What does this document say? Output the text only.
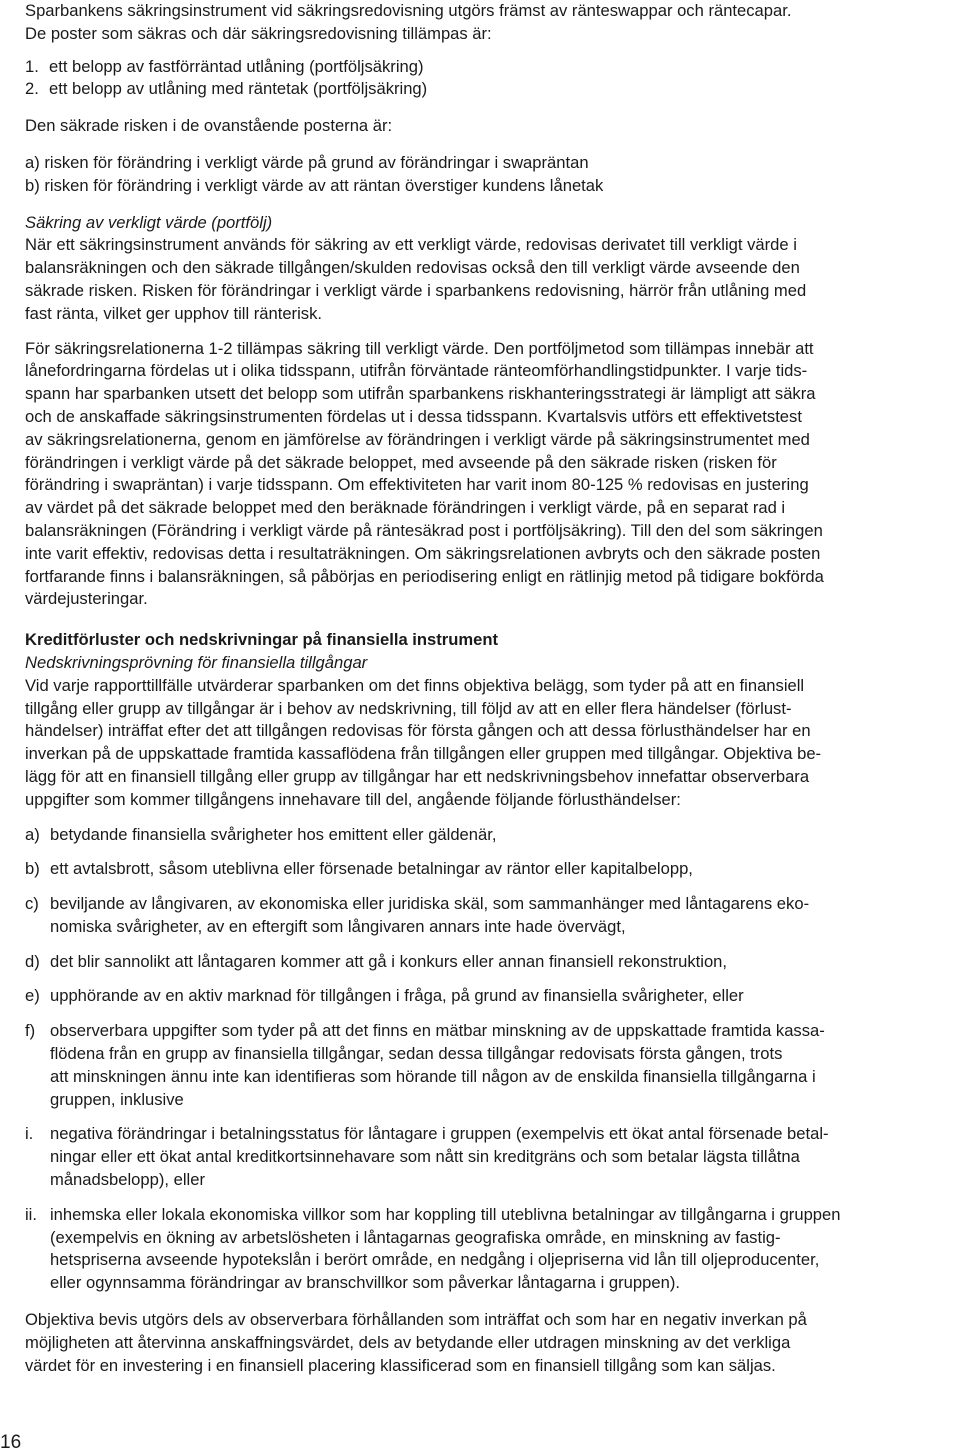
Sparbankens säkringsinstrument vid säkringsredovisning utgörs främst av ränteswappar och räntecapar.

De poster som säkras och där säkringsredovisning tillämpas är:

1. ett belopp av fastförräntad utlåning (portföljsäkring)
2. ett belopp av utlåning med räntetak (portföljsäkring)

Den säkrade risken i de ovanstående posterna är:

a) risken för förändring i verkligt värde på grund av förändringar i swapräntan

b) risken för förändring i verkligt värde av att räntan överstiger kundens lånetak

Säkring av verkligt värde (portfölj)

När ett säkringsinstrument används för säkring av ett verkligt värde, redovisas derivatet till verkligt värde i

balansräkningen och den säkrade tillgången/skulden redovisas också den till verkligt värde avseende den

säkrade risken. Risken för förändringar i verkligt värde i sparbankens redovisning, härrör från utlåning med

fast ränta, vilket ger upphov till ränterisk.

För säkringsrelationerna 1-2 tillämpas säkring till verkligt värde. Den portföljmetod som tillämpas innebär att

lånefordringarna fördelas ut i olika tidsspann, utifrån förväntade ränteomförhandlingstidpunkter. I varje tids-

spann har sparbanken utsett det belopp som utifrån sparbankens riskhanteringsstrategi är lämpligt att säkra

och de anskaffade säkringsinstrumenten fördelas ut i dessa tidsspann. Kvartalsvis utförs ett effektivetstest

av säkringsrelationerna, genom en jämförelse av förändringen i verkligt värde på säkringsinstrumentet med

förändringen i verkligt värde på det säkrade beloppet, med avseende på den säkrade risken (risken för

förändring i swapräntan) i varje tidsspann. Om effektiviteten har varit inom 80-125 % redovisas en justering

av värdet på det säkrade beloppet med den beräknade förändringen i verkligt värde, på en separat rad i

balansräkningen (Förändring i verkligt värde på räntesäkrad post i portföljsäkring). Till den del som säkringen

inte varit effektiv, redovisas detta i resultaträkningen. Om säkringsrelationen avbryts och den säkrade posten

fortfarande finns i balansräkningen, så påbörjas en periodisering enligt en rätlinjig metod på tidigare bokförda

värdejusteringar.

Kreditförluster och nedskrivningar på finansiella instrument

Nedskrivningsprövning för finansiella tillgångar

Vid varje rapporttillfälle utvärderar sparbanken om det finns objektiva belägg, som tyder på att en finansiell

tillgång eller grupp av tillgångar är i behov av nedskrivning, till följd av att en eller flera händelser (förlust-

händelser) inträffat efter det att tillgången redovisas för första gången och att dessa förlusthändelser har en

inverkan på de uppskattade framtida kassaflödena från tillgången eller gruppen med tillgångar. Objektiva be-

lägg för att en finansiell tillgång eller grupp av tillgångar har ett nedskrivningsbehov innefattar observerbara

uppgifter som kommer tillgångens innehavare till del, angående följande förlusthändelser:

a) betydande finansiella svårigheter hos emittent eller gäldenär,

b) ett avtalsbrott, såsom uteblivna eller försenade betalningar av räntor eller kapitalbelopp,

c) beviljande av långivaren, av ekonomiska eller juridiska skäl, som sammanhänger med låntagarens eko-

nomiska svårigheter, av en eftergift som långivaren annars inte hade övervägt,

d) det blir sannolikt att låntagaren kommer att gå i konkurs eller annan finansiell rekonstruktion,

e) upphörande av en aktiv marknad för tillgången i fråga, på grund av finansiella svårigheter, eller

f) observerbara uppgifter som tyder på att det finns en mätbar minskning av de uppskattade framtida kassa-

flödena från en grupp av finansiella tillgångar, sedan dessa tillgångar redovisats första gången, trots

att minskningen ännu inte kan identifieras som hörande till någon av de enskilda finansiella tillgångarna i

gruppen, inklusive

i.	negativa förändringar i betalningsstatus för låntagare i gruppen (exempelvis ett ökat antal försenade betal-

ningar eller ett ökat antal kreditkortsinnehavare som nått sin kreditgräns och som betalar lägsta tillåtna

månadsbelopp), eller

ii. inhemska eller lokala ekonomiska villkor som har koppling till uteblivna betalningar av tillgångarna i gruppen

(exempelvis en ökning av arbetslösheten i låntagarnas geografiska område, en minskning av fastig-

hetspriserna avseende hypotekslån i berört område, en nedgång i oljepriserna vid lån till oljeproducenter,

eller ogynnsamma förändringar av branschvillkor som påverkar låntagarna i gruppen).

Objektiva bevis utgörs dels av observerbara förhållanden som inträffat och som har en negativ inverkan på

möjligheten att återvinna anskaffningsvärdet, dels av betydande eller utdragen minskning av det verkliga

värdet för en investering i en finansiell placering klassificerad som en finansiell tillgång som kan säljas.

16
